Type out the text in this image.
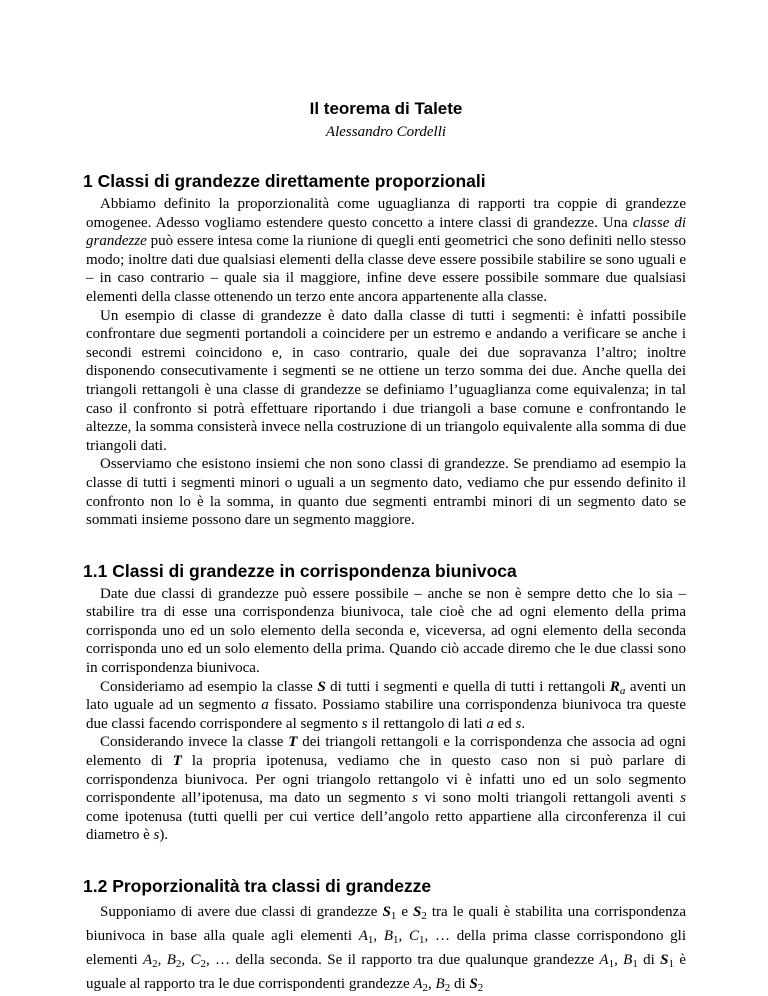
Il teorema di Talete
Alessandro Cordelli
1 Classi di grandezze direttamente proporzionali

Abbiamo definito la proporzionalità come uguaglianza di rapporti tra coppie di grandezze omogenee. Adesso vogliamo estendere questo concetto a intere classi di grandezze. Una classe di grandezze può essere intesa come la riunione di quegli enti geometrici che sono definiti nello stesso modo; inoltre dati due qualsiasi elementi della classe deve essere possibile stabilire se sono uguali e – in caso contrario – quale sia il maggiore, infine deve essere possibile sommare due qualsiasi elementi della classe ottenendo un terzo ente ancora appartenente alla classe.

Un esempio di classe di grandezze è dato dalla classe di tutti i segmenti: è infatti possibile confrontare due segmenti portandoli a coincidere per un estremo e andando a verificare se anche i secondi estremi coincidono e, in caso contrario, quale dei due sopravanza l’altro; inoltre disponendo consecutivamente i segmenti se ne ottiene un terzo somma dei due. Anche quella dei triangoli rettangoli è una classe di grandezze se definiamo l’uguaglianza come equivalenza; in tal caso il confronto si potrà effettuare riportando i due triangoli a base comune e confrontando le altezze, la somma consisterà invece nella costruzione di un triangolo equivalente alla somma di due triangoli dati.

Osserviamo che esistono insiemi che non sono classi di grandezze. Se prendiamo ad esempio la classe di tutti i segmenti minori o uguali a un segmento dato, vediamo che pur essendo definito il confronto non lo è la somma, in quanto due segmenti entrambi minori di un segmento dato se sommati insieme possono dare un segmento maggiore.

1.1 Classi di grandezze in corrispondenza biunivoca

Date due classi di grandezze può essere possibile – anche se non è sempre detto che lo sia – stabilire tra di esse una corrispondenza biunivoca, tale cioè che ad ogni elemento della prima corrisponda uno ed un solo elemento della seconda e, viceversa, ad ogni elemento della seconda corrisponda uno ed un solo elemento della prima. Quando ciò accade diremo che le due classi sono in corrispondenza biunivoca.

Consideriamo ad esempio la classe S di tutti i segmenti e quella di tutti i rettangoli $R_a$ aventi un lato uguale ad un segmento a fissato. Possiamo stabilire una corrispondenza biunivoca tra queste due classi facendo corrispondere al segmento s il rettangolo di lati a ed s.

Considerando invece la classe T dei triangoli rettangoli e la corrispondenza che associa ad ogni elemento di T la propria ipotenusa, vediamo che in questo caso non si può parlare di corrispondenza biunivoca. Per ogni triangolo rettangolo vi è infatti uno ed un solo segmento corrispondente all’ipotenusa, ma dato un segmento s vi sono molti triangoli rettangoli aventi s come ipotenusa (tutti quelli per cui vertice dell’angolo retto appartiene alla circonferenza il cui diametro è s).

1.2 Proporzionalità tra classi di grandezze

Supponiamo di avere due classi di grandezze $S_1$ e $S_2$ tra le quali è stabilita una corrispondenza biunivoca in base alla quale agli elementi $A_1$, $B_1$, $C_1$, … della prima classe corrispondono gli elementi $A_2$, $B_2$, $C_2$, … della seconda. Se il rapporto tra due qualunque grandezze $A_1$, $B_1$ di $S_1$ è uguale al rapporto tra le due corrispondenti grandezze $A_2$, $B_2$ di $S_2$
